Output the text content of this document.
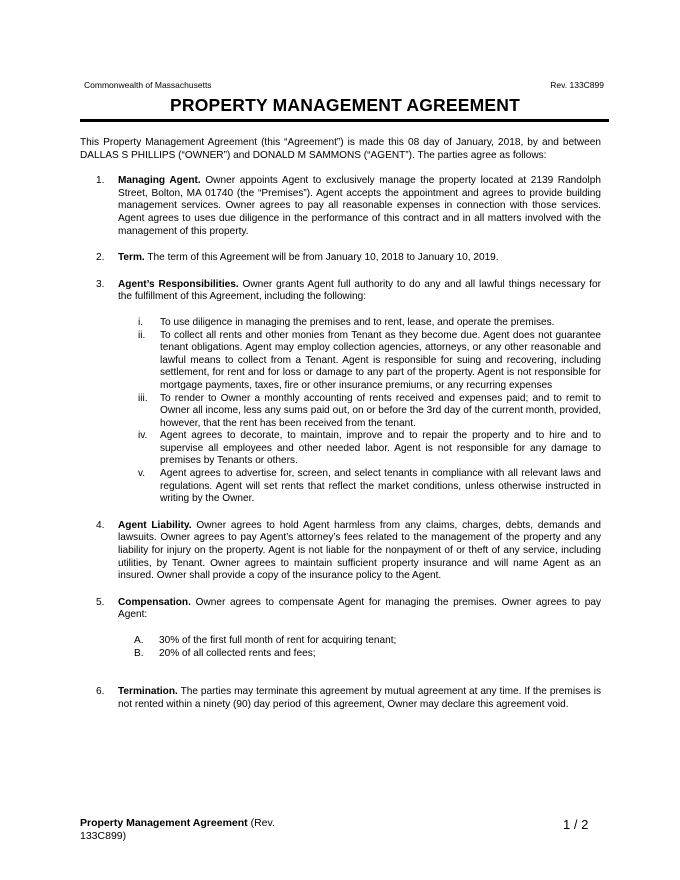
Commonwealth of Massachusetts	Rev. 133C899
PROPERTY MANAGEMENT AGREEMENT

This Property Management Agreement (this “Agreement”) is made this 08 day of January, 2018, by and between DALLAS S PHILLIPS (“OWNER”) and DONALD M SAMMONS (“AGENT”). The parties agree as follows:

1. Managing Agent. Owner appoints Agent to exclusively manage the property located at 2139 Randolph Street, Bolton, MA 01740 (the “Premises”). Agent accepts the appointment and agrees to provide building management services. Owner agrees to pay all reasonable expenses in connection with those services. Agent agrees to uses due diligence in the performance of this contract and in all matters involved with the management of this property.
2. Term. The term of this Agreement will be from January 10, 2018 to January 10, 2019.
3. Agent’s Responsibilities. Owner grants Agent full authority to do any and all lawful things necessary for the fulfillment of this Agreement, including the following:
i. To use diligence in managing the premises and to rent, lease, and operate the premises.
ii. To collect all rents and other monies from Tenant as they become due. Agent does not guarantee tenant obligations. Agent may employ collection agencies, attorneys, or any other reasonable and lawful means to collect from a Tenant. Agent is responsible for suing and recovering, including settlement, for rent and for loss or damage to any part of the property. Agent is not responsible for mortgage payments, taxes, fire or other insurance premiums, or any recurring expenses
iii. To render to Owner a monthly accounting of rents received and expenses paid; and to remit to Owner all income, less any sums paid out, on or before the 3rd day of the current month, provided, however, that the rent has been received from the tenant.
iv. Agent agrees to decorate, to maintain, improve and to repair the property and to hire and to supervise all employees and other needed labor. Agent is not responsible for any damage to premises by Tenants or others.
v. Agent agrees to advertise for, screen, and select tenants in compliance with all relevant laws and regulations. Agent will set rents that reflect the market conditions, unless otherwise instructed in writing by the Owner.
4. Agent Liability. Owner agrees to hold Agent harmless from any claims, charges, debts, demands and lawsuits. Owner agrees to pay Agent’s attorney’s fees related to the management of the property and any liability for injury on the property. Agent is not liable for the nonpayment of or theft of any service, including utilities, by Tenant. Owner agrees to maintain sufficient property insurance and will name Agent as an insured. Owner shall provide a copy of the insurance policy to the Agent.
5. Compensation. Owner agrees to compensate Agent for managing the premises. Owner agrees to pay Agent:
A. 30% of the first full month of rent for acquiring tenant;
B. 20% of all collected rents and fees;
6. Termination. The parties may terminate this agreement by mutual agreement at any time. If the premises is not rented within a ninety (90) day period of this agreement, Owner may declare this agreement void.
Property Management Agreement (Rev. 133C899)
1 / 2
